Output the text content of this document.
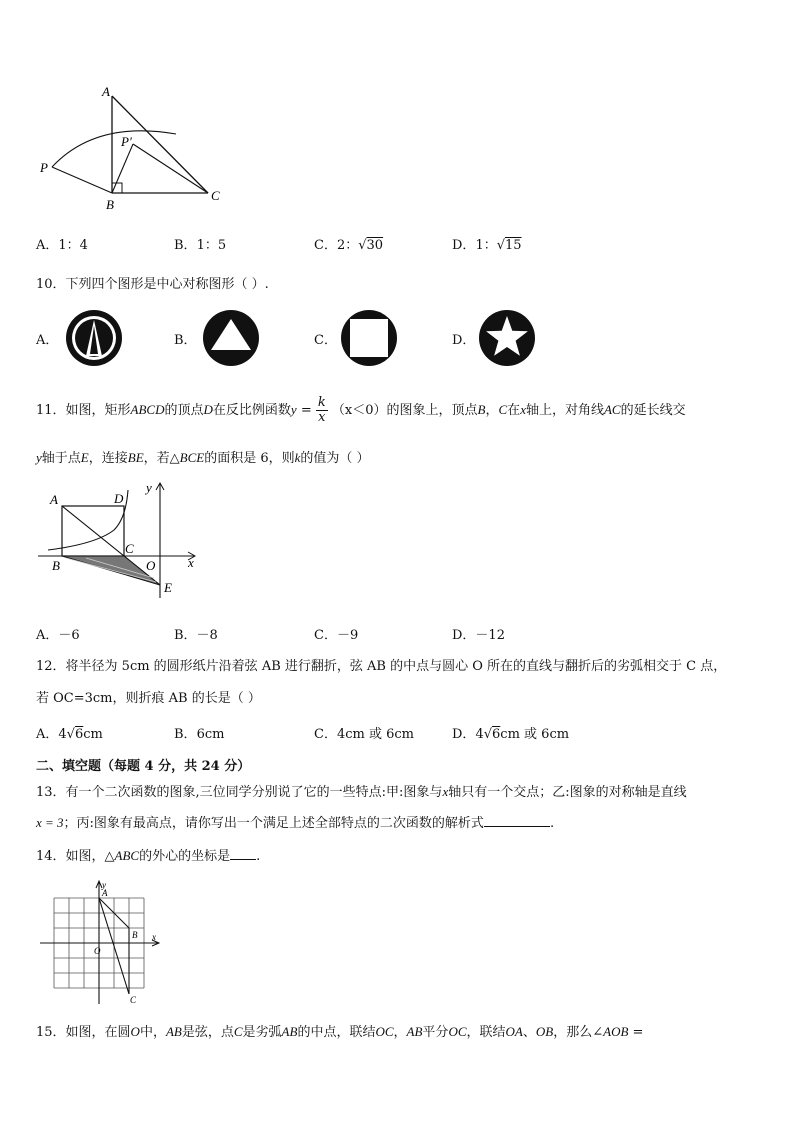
A
P
P′
B
C
A．1：4	B．1：5	C．2：√30	D．1：√15
10．下列四个图形是中心对称图形（ ）.
A．	B．	C．	D．
11．如图，矩形ABCD的顶点D在反比例函数$y = \frac{k}{x} (x<0)$的图象上，顶点B，C在x轴上，对角线AC的延长线交
y轴于点E，连接BE，若△BCE的面积是 6，则k的值为（ ）
A	D
y
C
B	O	x
E
A．－6	B．－8	C．－9	D．－12
12．将半径为 5cm 的圆形纸片沿着弦 AB 进行翻折，弦 AB 的中点与圆心 O 所在的直线与翻折后的劣弧相交于 C 点，
若 OC=3cm，则折痕 AB 的长是（ ）
A．4√6cm	B．6cm	C．4cm 或 6cm	D．4√6cm 或 6cm
二、填空题（每题 4 分，共 24 分）
13．有一个二次函数的图象,三位同学分别说了它的一些特点:甲:图象与x轴只有一个交点；乙:图象的对称轴是直线
x = 3；丙:图象有最高点，请你写出一个满足上述全部特点的二次函数的解析式	.
14．如图，△ABC的外心的坐标是 .
y
A
B x
O
C
15．如图，在圆O中，AB是弦，点C是劣弧AB的中点，联结OC，AB平分OC，联结OA、OB，那么∠AOB =
